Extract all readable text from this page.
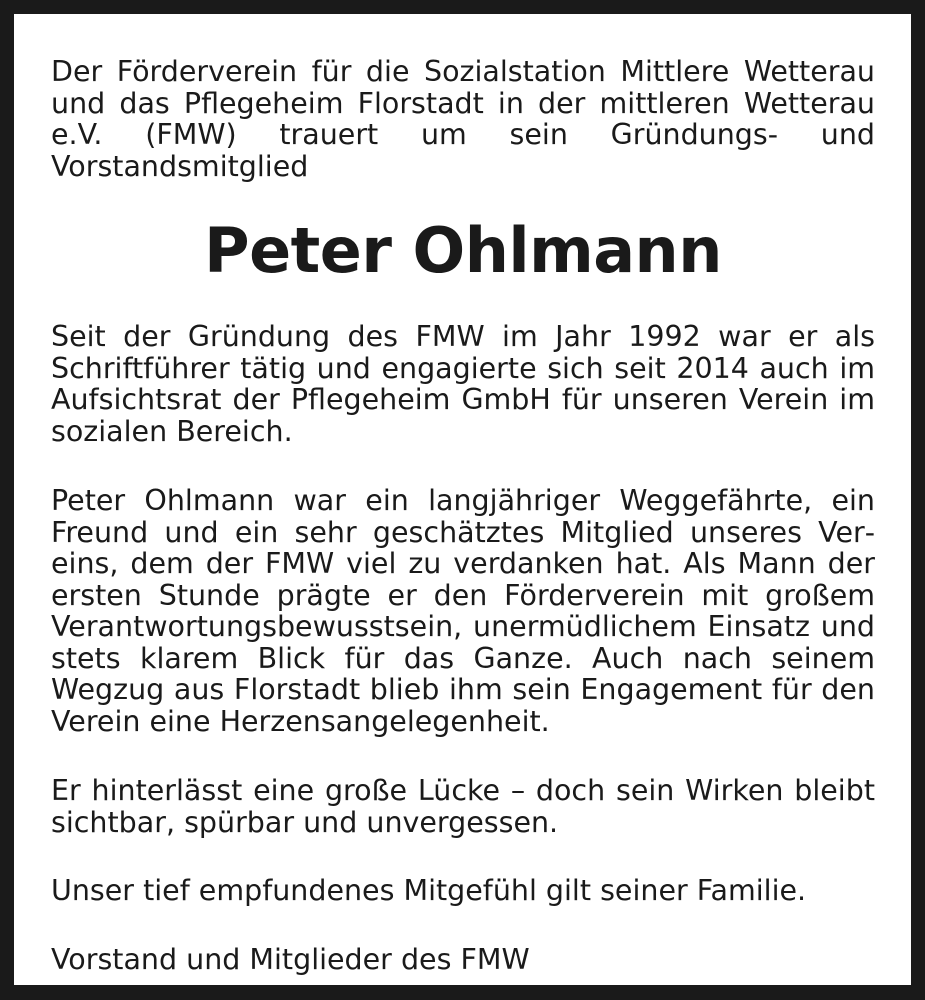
Der Förderverein für die Sozialstation Mittlere Wetterau und das Pflegeheim Florstadt in der mittleren Wetterau e.V. (FMW) trauert um sein Gründungs- und Vorstandsmitglied

Peter Ohlmann

Seit der Gründung des FMW im Jahr 1992 war er als Schriftführer tätig und engagierte sich seit 2014 auch im Aufsichtsrat der Pflegeheim GmbH für unseren Verein im sozialen Bereich.

Peter Ohlmann war ein langjähriger Weggefährte, ein Freund und ein sehr geschätztes Mitglied unseres Vereins, dem der FMW viel zu verdanken hat. Als Mann der ersten Stunde prägte er den Förderverein mit großem Verantwortungsbewusstsein, unermüdlichem Einsatz und stets klarem Blick für das Ganze. Auch nach seinem Wegzug aus Florstadt blieb ihm sein Engagement für den Verein eine Herzensangelegenheit.

Er hinterlässt eine große Lücke – doch sein Wirken bleibt sichtbar, spürbar und unvergessen.

Unser tief empfundenes Mitgefühl gilt seiner Familie.

Vorstand und Mitglieder des FMW
